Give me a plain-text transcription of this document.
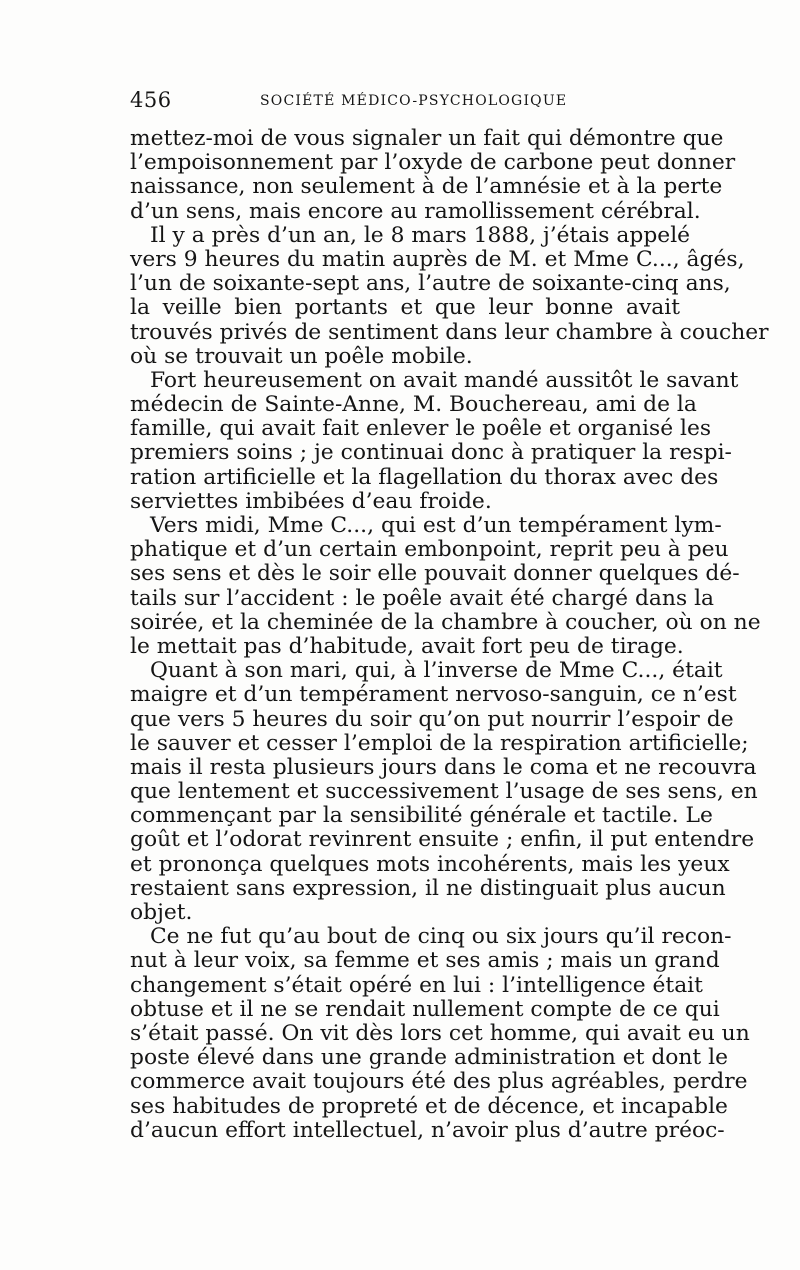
456	SOCIÉTÉ MÉDICO-PSYCHOLOGIQUE
mettez-moi de vous signaler un fait qui démontre que
l’empoisonnement par l’oxyde de carbone peut donner
naissance, non seulement à de l’amnésie et à la perte
d’un sens, mais encore au ramollissement cérébral.
Il y a près d’un an, le 8 mars 1888, j’étais appelé
vers 9 heures du matin auprès de M. et Mme C..., âgés,
l’un de soixante-sept ans, l’autre de soixante-cinq ans,
la veille bien portants et que leur bonne avait
trouvés privés de sentiment dans leur chambre à coucher
où se trouvait un poêle mobile.
Fort heureusement on avait mandé aussitôt le savant
médecin de Sainte-Anne, M. Bouchereau, ami de la
famille, qui avait fait enlever le poêle et organisé les
premiers soins ; je continuai donc à pratiquer la respi-
ration artificielle et la flagellation du thorax avec des
serviettes imbibées d’eau froide.
Vers midi, Mme C..., qui est d’un tempérament lym-
phatique et d’un certain embonpoint, reprit peu à peu
ses sens et dès le soir elle pouvait donner quelques dé-
tails sur l’accident : le poêle avait été chargé dans la
soirée, et la cheminée de la chambre à coucher, où on ne
le mettait pas d’habitude, avait fort peu de tirage.
Quant à son mari, qui, à l’inverse de Mme C..., était
maigre et d’un tempérament nervoso-sanguin, ce n’est
que vers 5 heures du soir qu’on put nourrir l’espoir de
le sauver et cesser l’emploi de la respiration artificielle;
mais il resta plusieurs jours dans le coma et ne recouvra
que lentement et successivement l’usage de ses sens, en
commençant par la sensibilité générale et tactile. Le
goût et l’odorat revinrent ensuite ; enfin, il put entendre
et prononça quelques mots incohérents, mais les yeux
restaient sans expression, il ne distinguait plus aucun
objet.
Ce ne fut qu’au bout de cinq ou six jours qu’il recon-
nut à leur voix, sa femme et ses amis ; mais un grand
changement s’était opéré en lui : l’intelligence était
obtuse et il ne se rendait nullement compte de ce qui
s’était passé. On vit dès lors cet homme, qui avait eu un
poste élevé dans une grande administration et dont le
commerce avait toujours été des plus agréables, perdre
ses habitudes de propreté et de décence, et incapable
d’aucun effort intellectuel, n’avoir plus d’autre préoc-
